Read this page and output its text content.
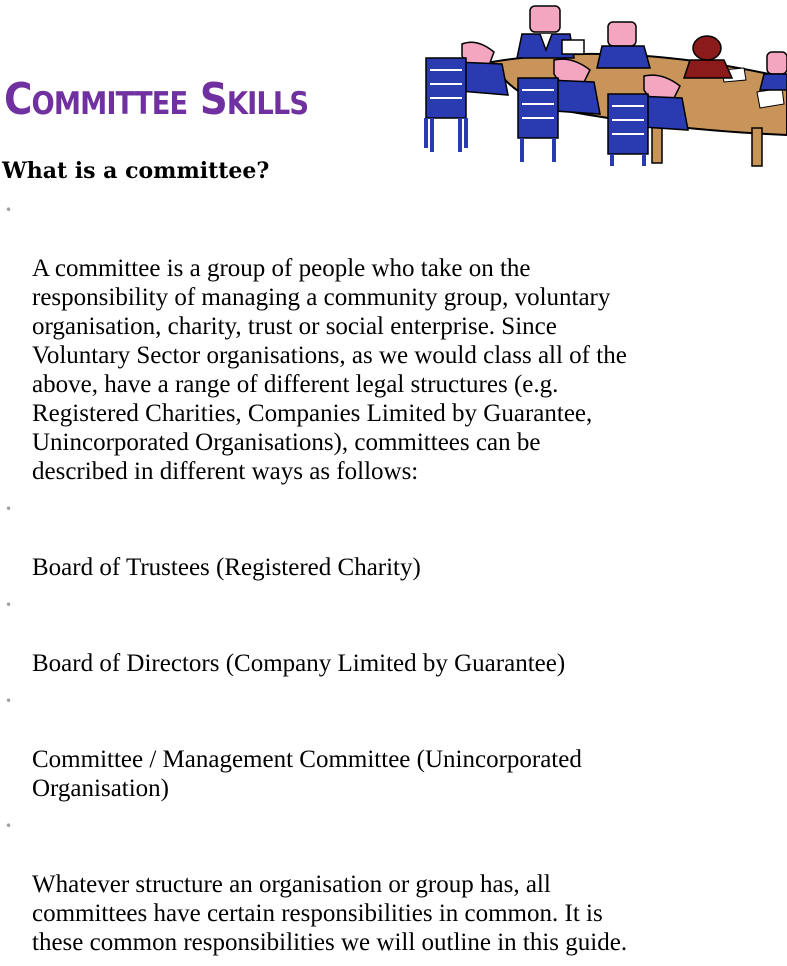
Committee Skills
What is a committee?

•

A committee is a group of people who take on the
responsibility of managing a community group, voluntary
organisation, charity, trust or social enterprise. Since
Voluntary Sector organisations, as we would class all of the
above, have a range of different legal structures (e.g.
Registered Charities, Companies Limited by Guarantee,
Unincorporated Organisations), committees can be
described in different ways as follows:

•

Board of Trustees (Registered Charity)

•

Board of Directors (Company Limited by Guarantee)

•

Committee / Management Committee (Unincorporated
Organisation)

•

Whatever structure an organisation or group has, all
committees have certain responsibilities in common. It is
these common responsibilities we will outline in this guide.
